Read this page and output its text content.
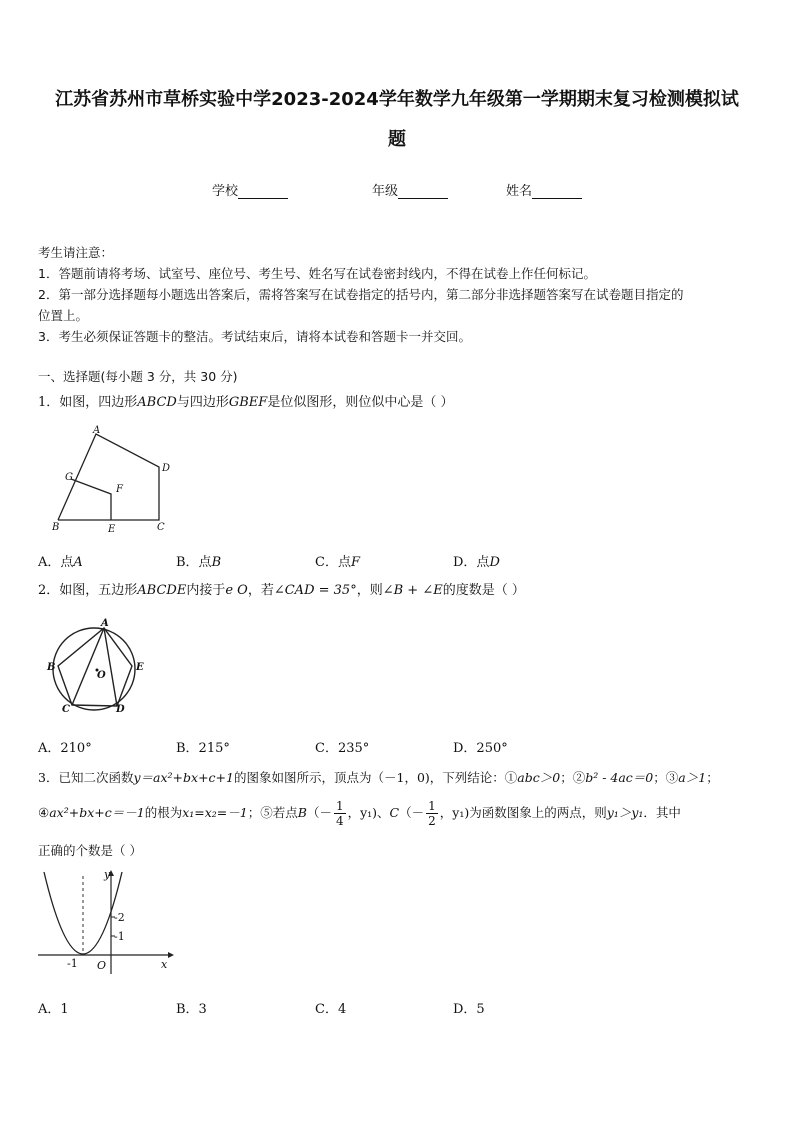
江苏省苏州市草桥实验中学2023-2024学年数学九年级第一学期期末复习检测模拟试
题
学校	年级	姓名
考生请注意：
1．答题前请将考场、试室号、座位号、考生号、姓名写在试卷密封线内，不得在试卷上作任何标记。
2．第一部分选择题每小题选出答案后，需将答案写在试卷指定的括号内，第二部分非选择题答案写在试卷题目指定的
位置上。
3．考生必须保证答题卡的整洁。考试结束后，请将本试卷和答题卡一并交回。
一、选择题(每小题 3 分，共 30 分)
1．如图，四边形ABCD与四边形GBEF是位似图形，则位似中心是（ ）
A
B	C
D
E
F
G
A．点A	B．点B	C．点F	D．点D
2．如图，五边形ABCDE内接于e O，若∠CAD = 35°，则∠B + ∠E的度数是（ ）
A
B
C	D
E
O
A．210°	B．215°	C．235°	D．250°
3．已知二次函数y＝ax²+bx+c+1的图象如图所示，顶点为（－1，0)，下列结论：①abc＞0；②b² - 4ac＝0；③a＞1；
④ax²+bx+c＝－1的根为x₁=x₂=－1；⑤若点$B(- \frac{1}{4}$ ，y₁)、$C(- \frac{1}{2}$ ，y₁)为函数图象上的两点，则y₁＞y₁．其中
正确的个数是（ ）
y
x
O
-1
-1
-2
A．1	B．3	C．4	D．5
